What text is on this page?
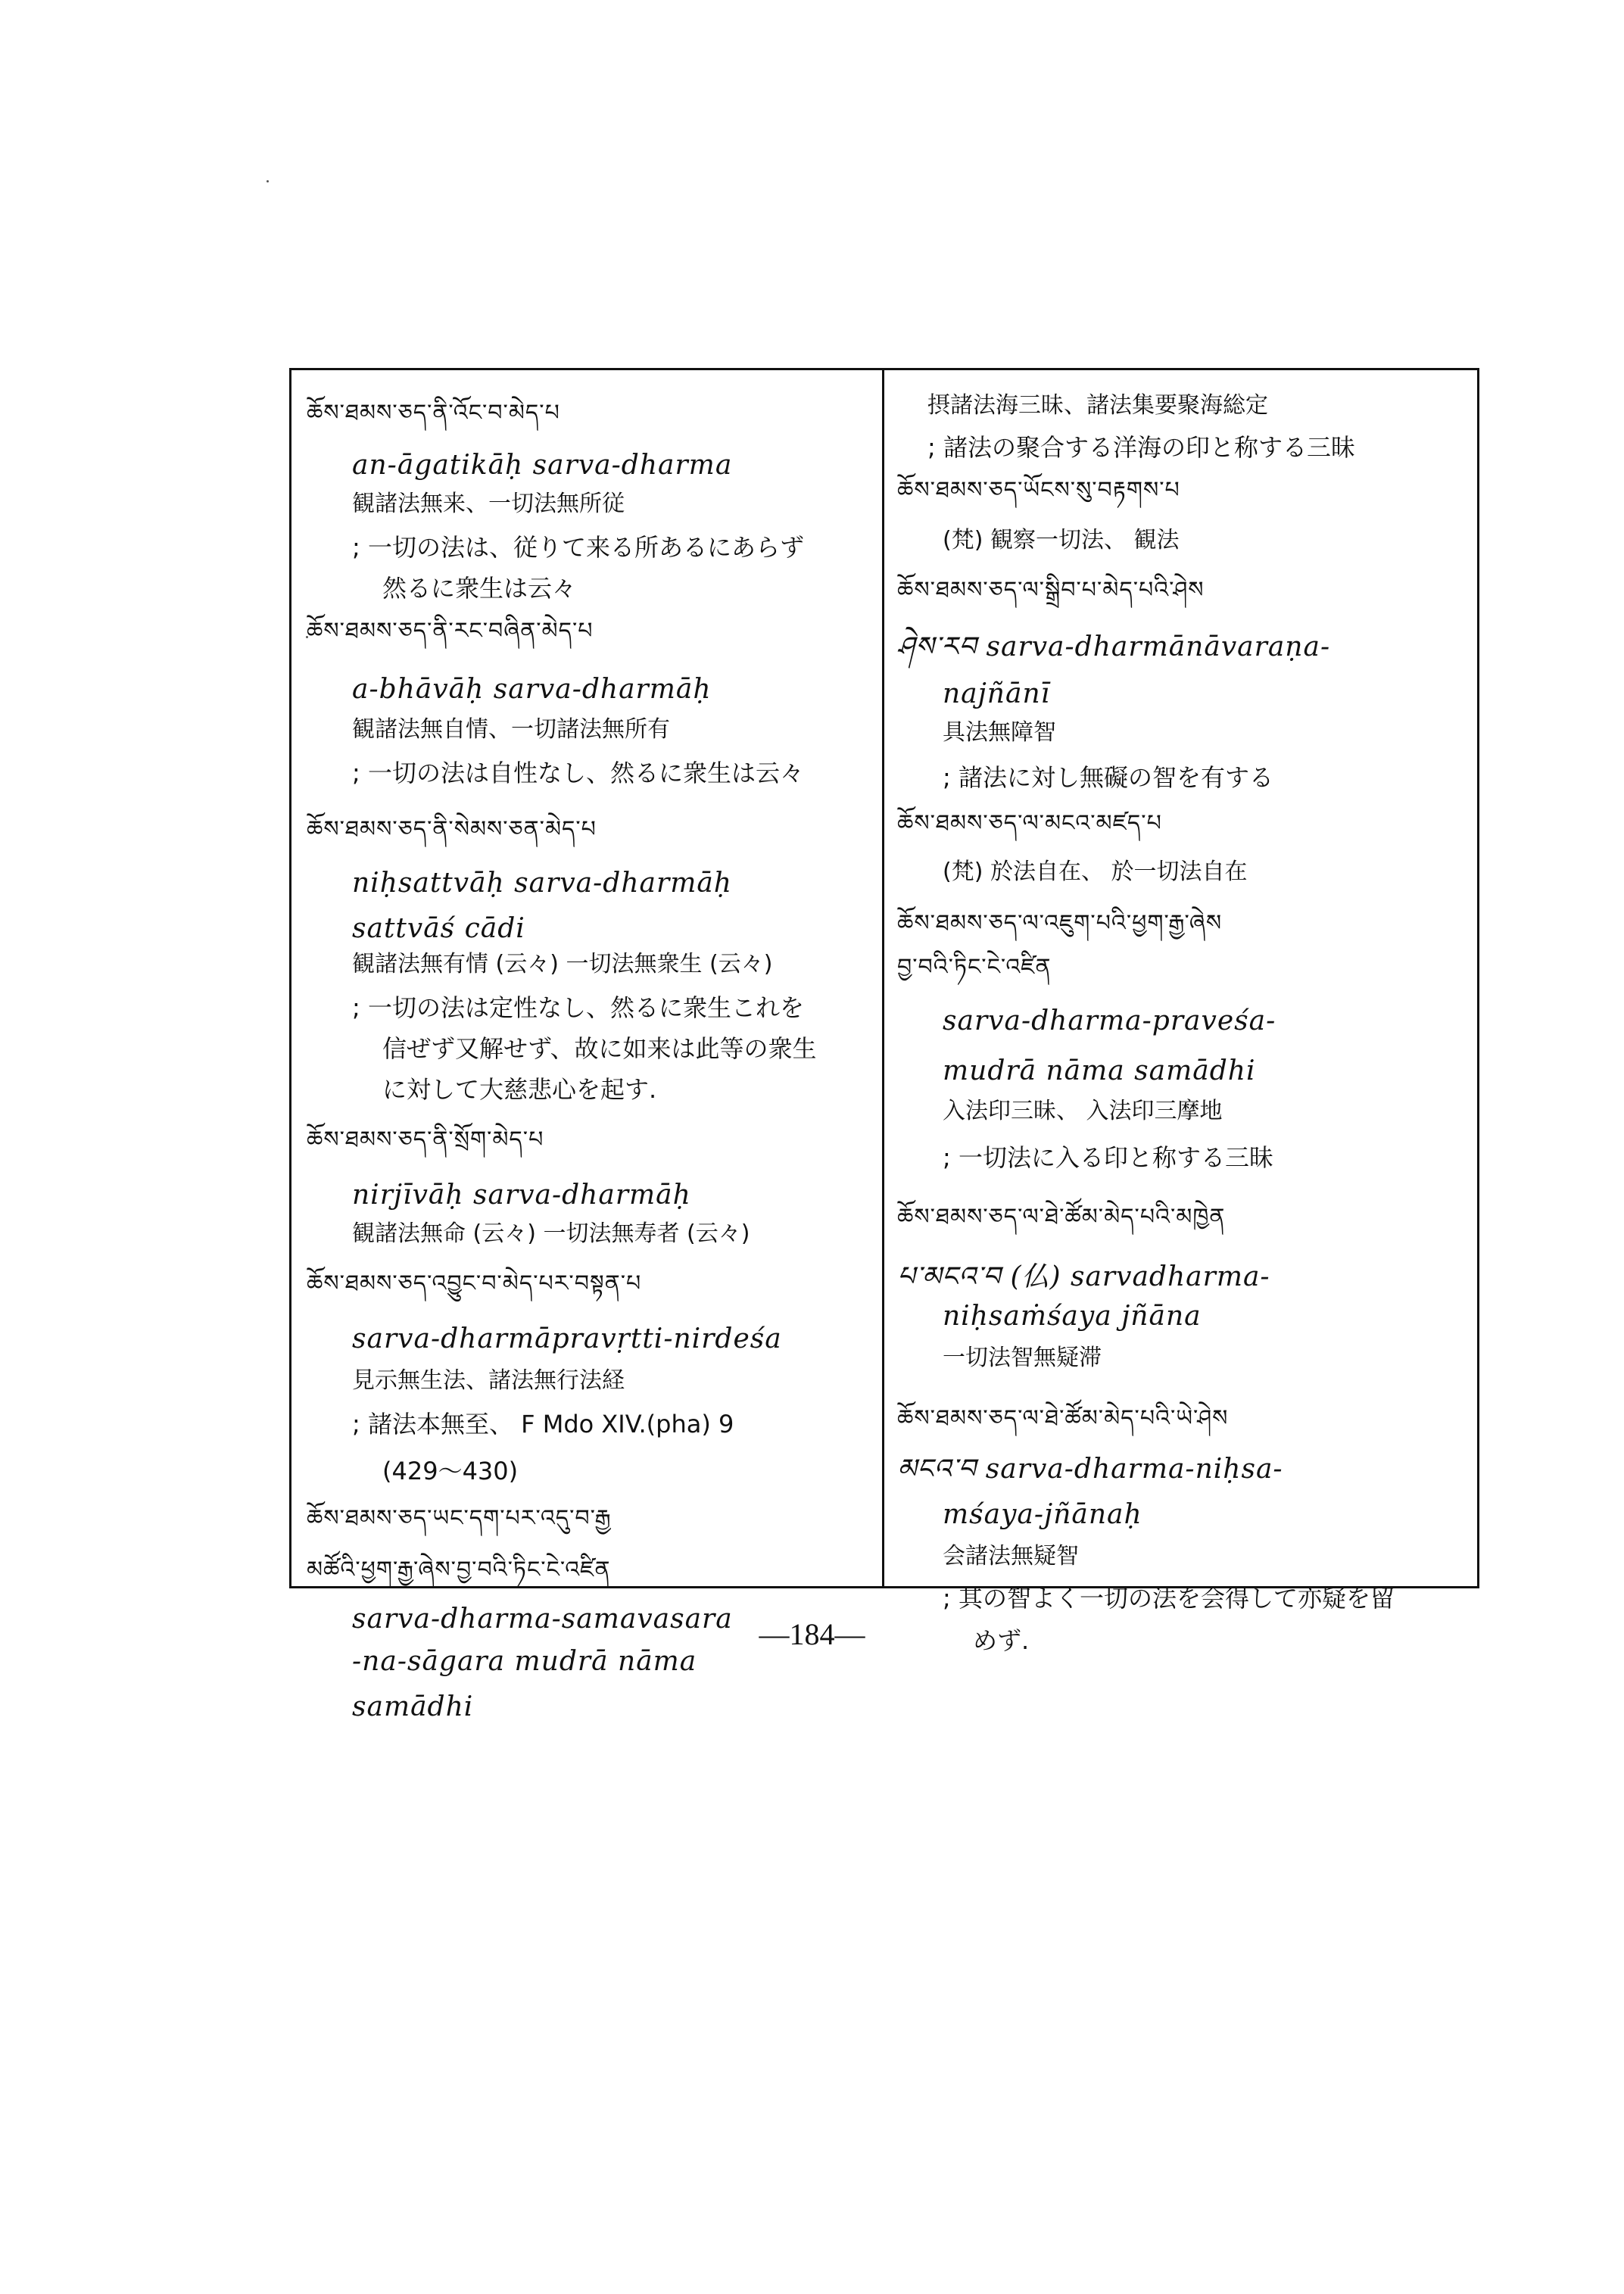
ཆོས་ཐམས་ཅད་ནི་འོང་བ་མེད་པ
an-āgatikāḥ sarva-dharma
観諸法無来、一切法無所従
; 一切の法は、従りて来る所あるにあらず
然るに衆生は云々
ཆོས་ཐམས་ཅད་ནི་རང་བཞིན་མེད་པ
a-bhāvāḥ sarva-dharmāḥ
観諸法無自情、一切諸法無所有
; 一切の法は自性なし、然るに衆生は云々
ཆོས་ཐམས་ཅད་ནི་སེམས་ཅན་མེད་པ
niḥsattvāḥ sarva-dharmāḥ
sattvāś cādi
観諸法無有情 (云々) 一切法無衆生 (云々)
; 一切の法は定性なし、然るに衆生これを
信ぜず又解せず、故に如来は此等の衆生
に対して大慈悲心を起す.
ཆོས་ཐམས་ཅད་ནི་སྲོག་མེད་པ
nirjīvāḥ sarva-dharmāḥ
観諸法無命 (云々) 一切法無寿者 (云々)
ཆོས་ཐམས་ཅད་འབྱུང་བ་མེད་པར་བསྟན་པ
sarva-dharmāpravṛtti-nirdeśa
見示無生法、諸法無行法経
; 諸法本無至、 F Mdo XIV.(pha) 9
(429〜430)
ཆོས་ཐམས་ཅད་ཡང་དག་པར་འདུ་བ་རྒྱ
མཚོའི་ཕྱག་རྒྱ་ཞེས་བྱ་བའི་ཏིང་ངེ་འཛིན
sarva-dharma-samavasara
-na-sāgara mudrā nāma
samādhi
摂諸法海三昧、諸法集要聚海総定
; 諸法の聚合する洋海の印と称する三昧
ཆོས་ཐམས་ཅད་ཡོངས་སུ་བརྟགས་པ
(梵) 観察一切法、 観法
ཆོས་ཐམས་ཅད་ལ་སྒྲིབ་པ་མེད་པའི་ཤེས
ཤེས་རབ sarva-dharmānāvaraṇa-
najñānī
具法無障智
; 諸法に対し無礙の智を有する
ཆོས་ཐམས་ཅད་ལ་མངའ་མཛད་པ
(梵) 於法自在、 於一切法自在
ཆོས་ཐམས་ཅད་ལ་འཇུག་པའི་ཕྱག་རྒྱ་ཞེས
བྱ་བའི་ཏིང་ངེ་འཛིན
sarva-dharma-praveśa-
mudrā nāma samādhi
入法印三昧、 入法印三摩地
; 一切法に入る印と称する三昧
ཆོས་ཐམས་ཅད་ལ་ཐེ་ཚོམ་མེད་པའི་མཁྱེན
པ་མངའ་བ (仏) sarvadharma-
niḥsaṁśaya jñāna
一切法智無疑滞
ཆོས་ཐམས་ཅད་ལ་ཐེ་ཚོམ་མེད་པའི་ཡེ་ཤེས
མངའ་བ sarva-dharma-niḥsa-
mśaya-jñānaḥ
会諸法無疑智
; 其の智よく一切の法を会得して亦疑を留
めず.
—184—
